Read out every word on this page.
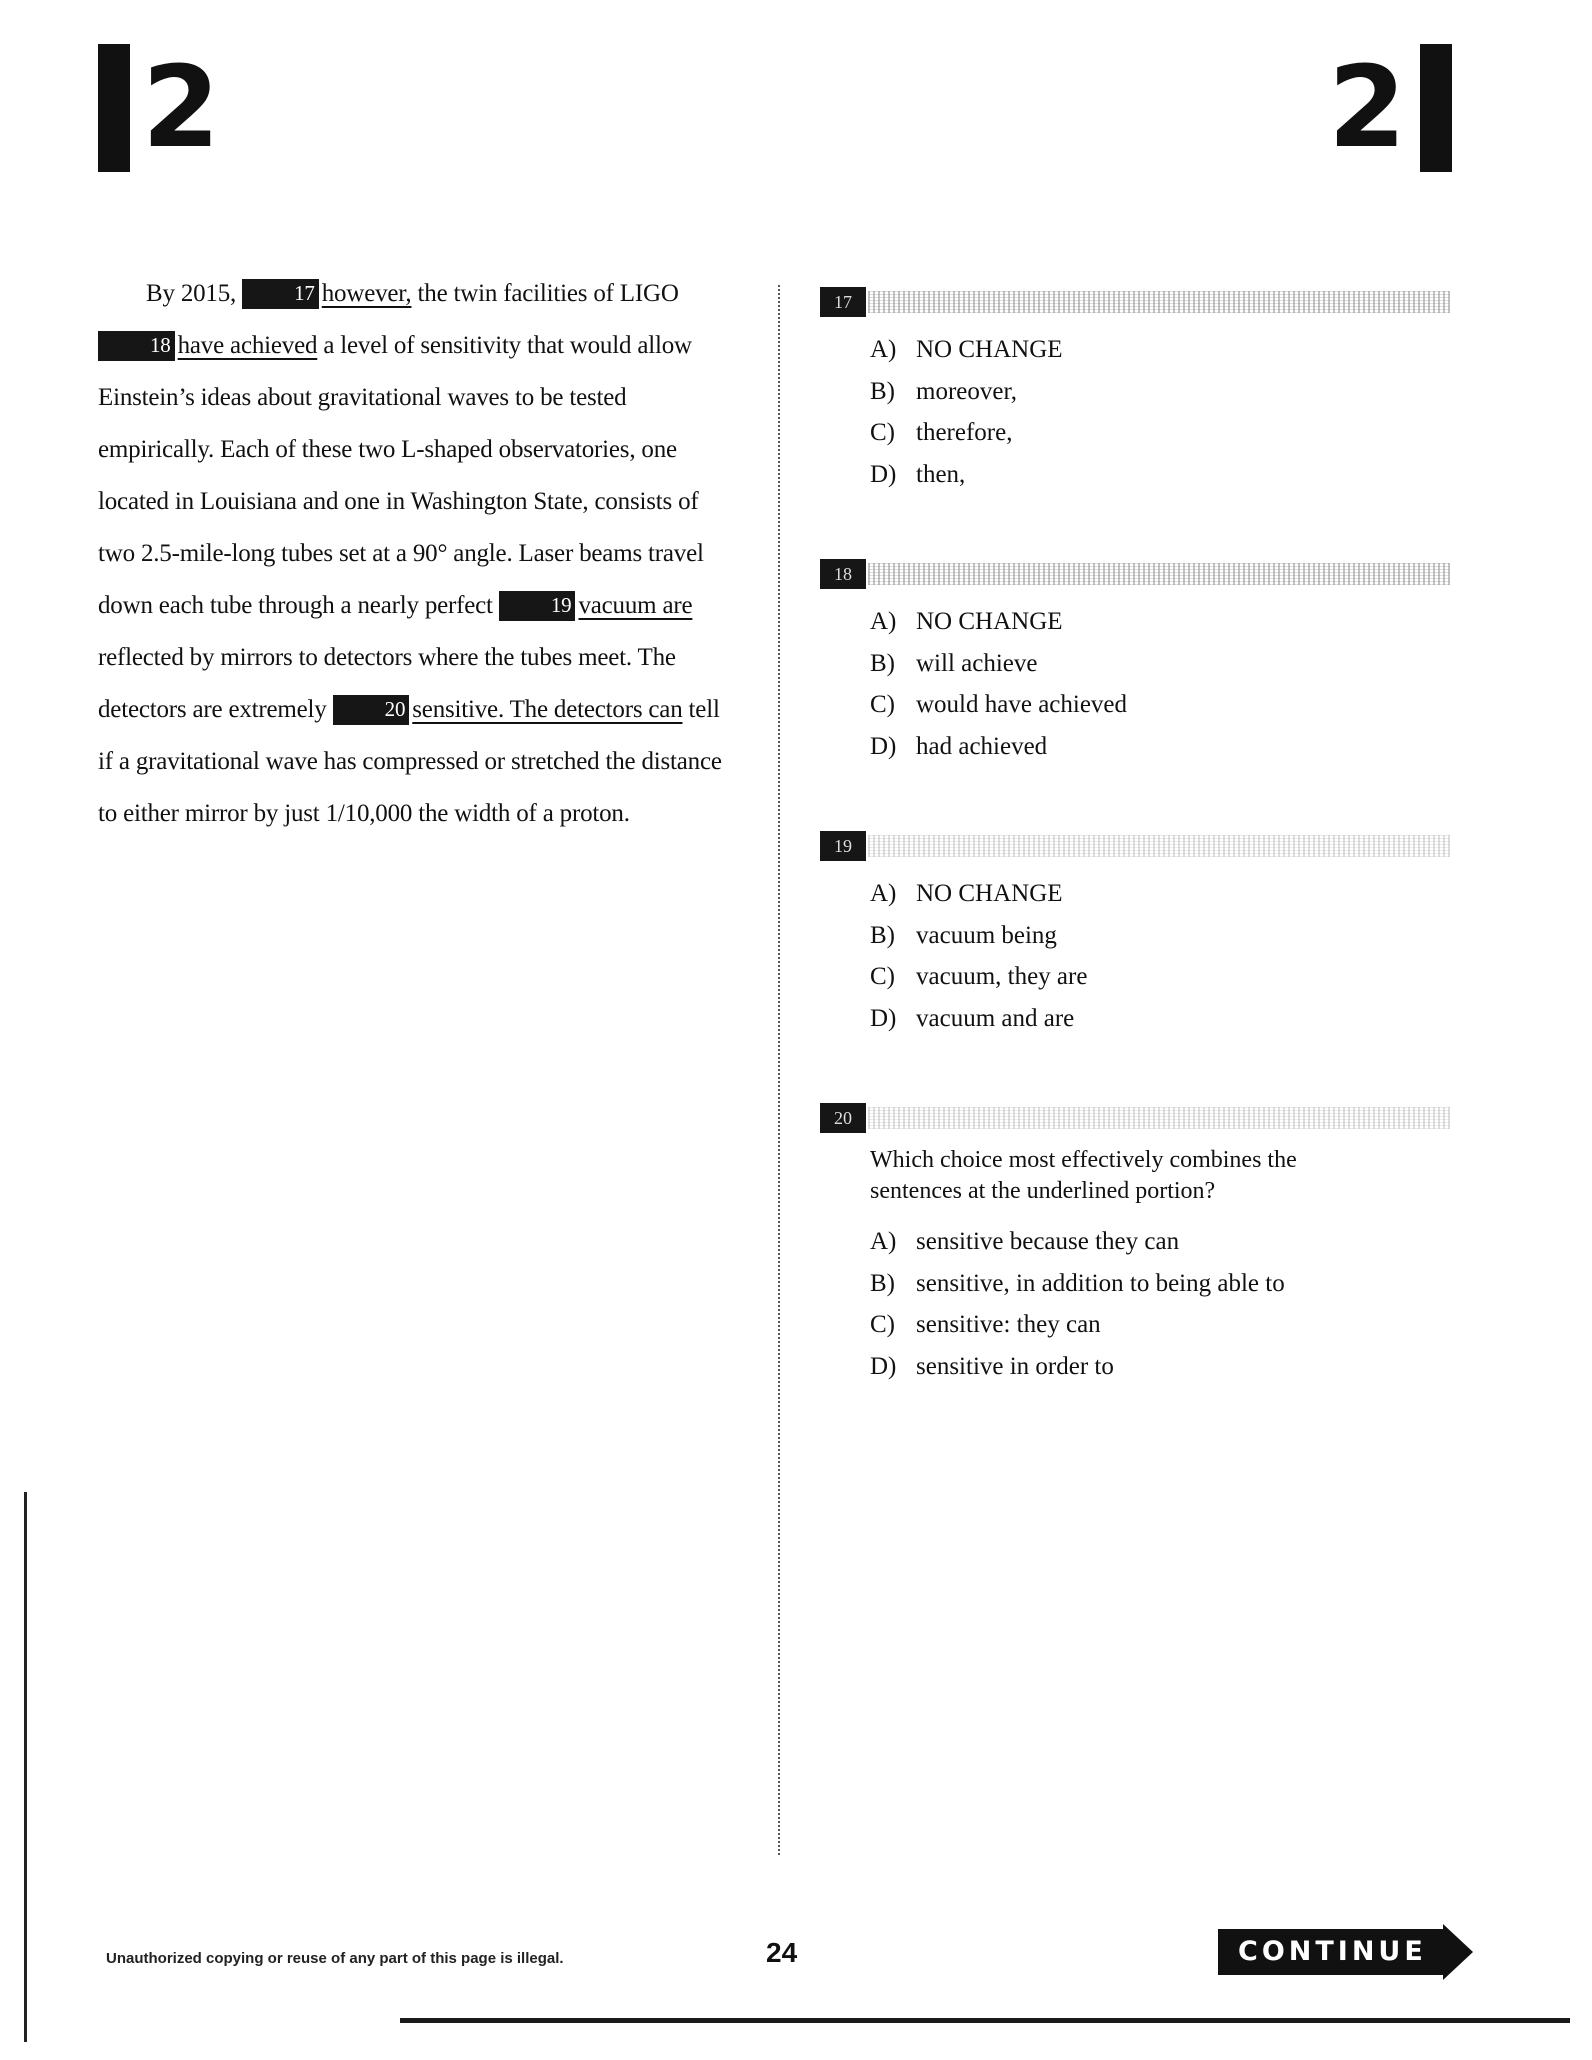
2	2

By 2015, 17 however, the twin facilities of LIGO 18 have achieved a level of sensitivity that would allow Einstein’s ideas about gravitational waves to be tested empirically. Each of these two L-shaped observatories, one located in Louisiana and one in Washington State, consists of two 2.5-mile-long tubes set at a 90° angle. Laser beams travel down each tube through a nearly perfect 19 vacuum are reflected by mirrors to detectors where the tubes meet. The detectors are extremely 20 sensitive. The detectors can tell if a gravitational wave has compressed or stretched the distance to either mirror by just 1/10,000 the width of a proton.

17
A) NO CHANGE
B) moreover,
C) therefore,
D) then,
18
A) NO CHANGE
B) will achieve
C) would have achieved
D) had achieved
19
A) NO CHANGE
B) vacuum being
C) vacuum, they are
D) vacuum and are
20
Which choice most effectively combines the sentences at the underlined portion?
A) sensitive because they can
B) sensitive, in addition to being able to
C) sensitive: they can
D) sensitive in order to
Unauthorized copying or reuse of any part of this page is illegal.	24	CONTINUE
